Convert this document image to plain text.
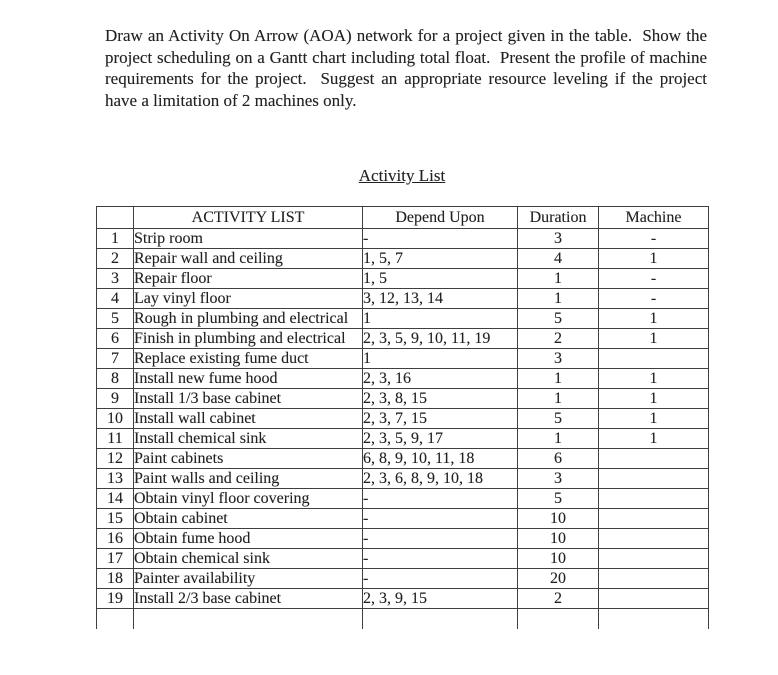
Draw an Activity On Arrow (AOA) network for a project given in the table.  Show the project scheduling on a Gantt chart including total float.  Present the profile of machine requirements for the project.  Suggest an appropriate resource leveling if the project have a limitation of 2 machines only.

Activity List
	ACTIVITY LIST	Depend Upon	Duration	Machine
1	Strip room	-	3	-
2	Repair wall and ceiling	1, 5, 7	4	1
3	Repair floor	1, 5	1	-
4	Lay vinyl floor	3, 12, 13, 14	1	-
5	Rough in plumbing and electrical	1	5	1
6	Finish in plumbing and electrical	2, 3, 5, 9, 10, 11, 19	2	1
7	Replace existing fume duct	1	3	
8	Install new fume hood	2, 3, 16	1	1
9	Install 1/3 base cabinet	2, 3, 8, 15	1	1
10	Install wall cabinet	2, 3, 7, 15	5	1
11	Install chemical sink	2, 3, 5, 9, 17	1	1
12	Paint cabinets	6, 8, 9, 10, 11, 18	6	
13	Paint walls and ceiling	2, 3, 6, 8, 9, 10, 18	3	
14	Obtain vinyl floor covering	-	5	
15	Obtain cabinet	-	10	
16	Obtain fume hood	-	10	
17	Obtain chemical sink	-	10	
18	Painter availability	-	20	
19	Install 2/3 base cabinet	2, 3, 9, 15	2	
